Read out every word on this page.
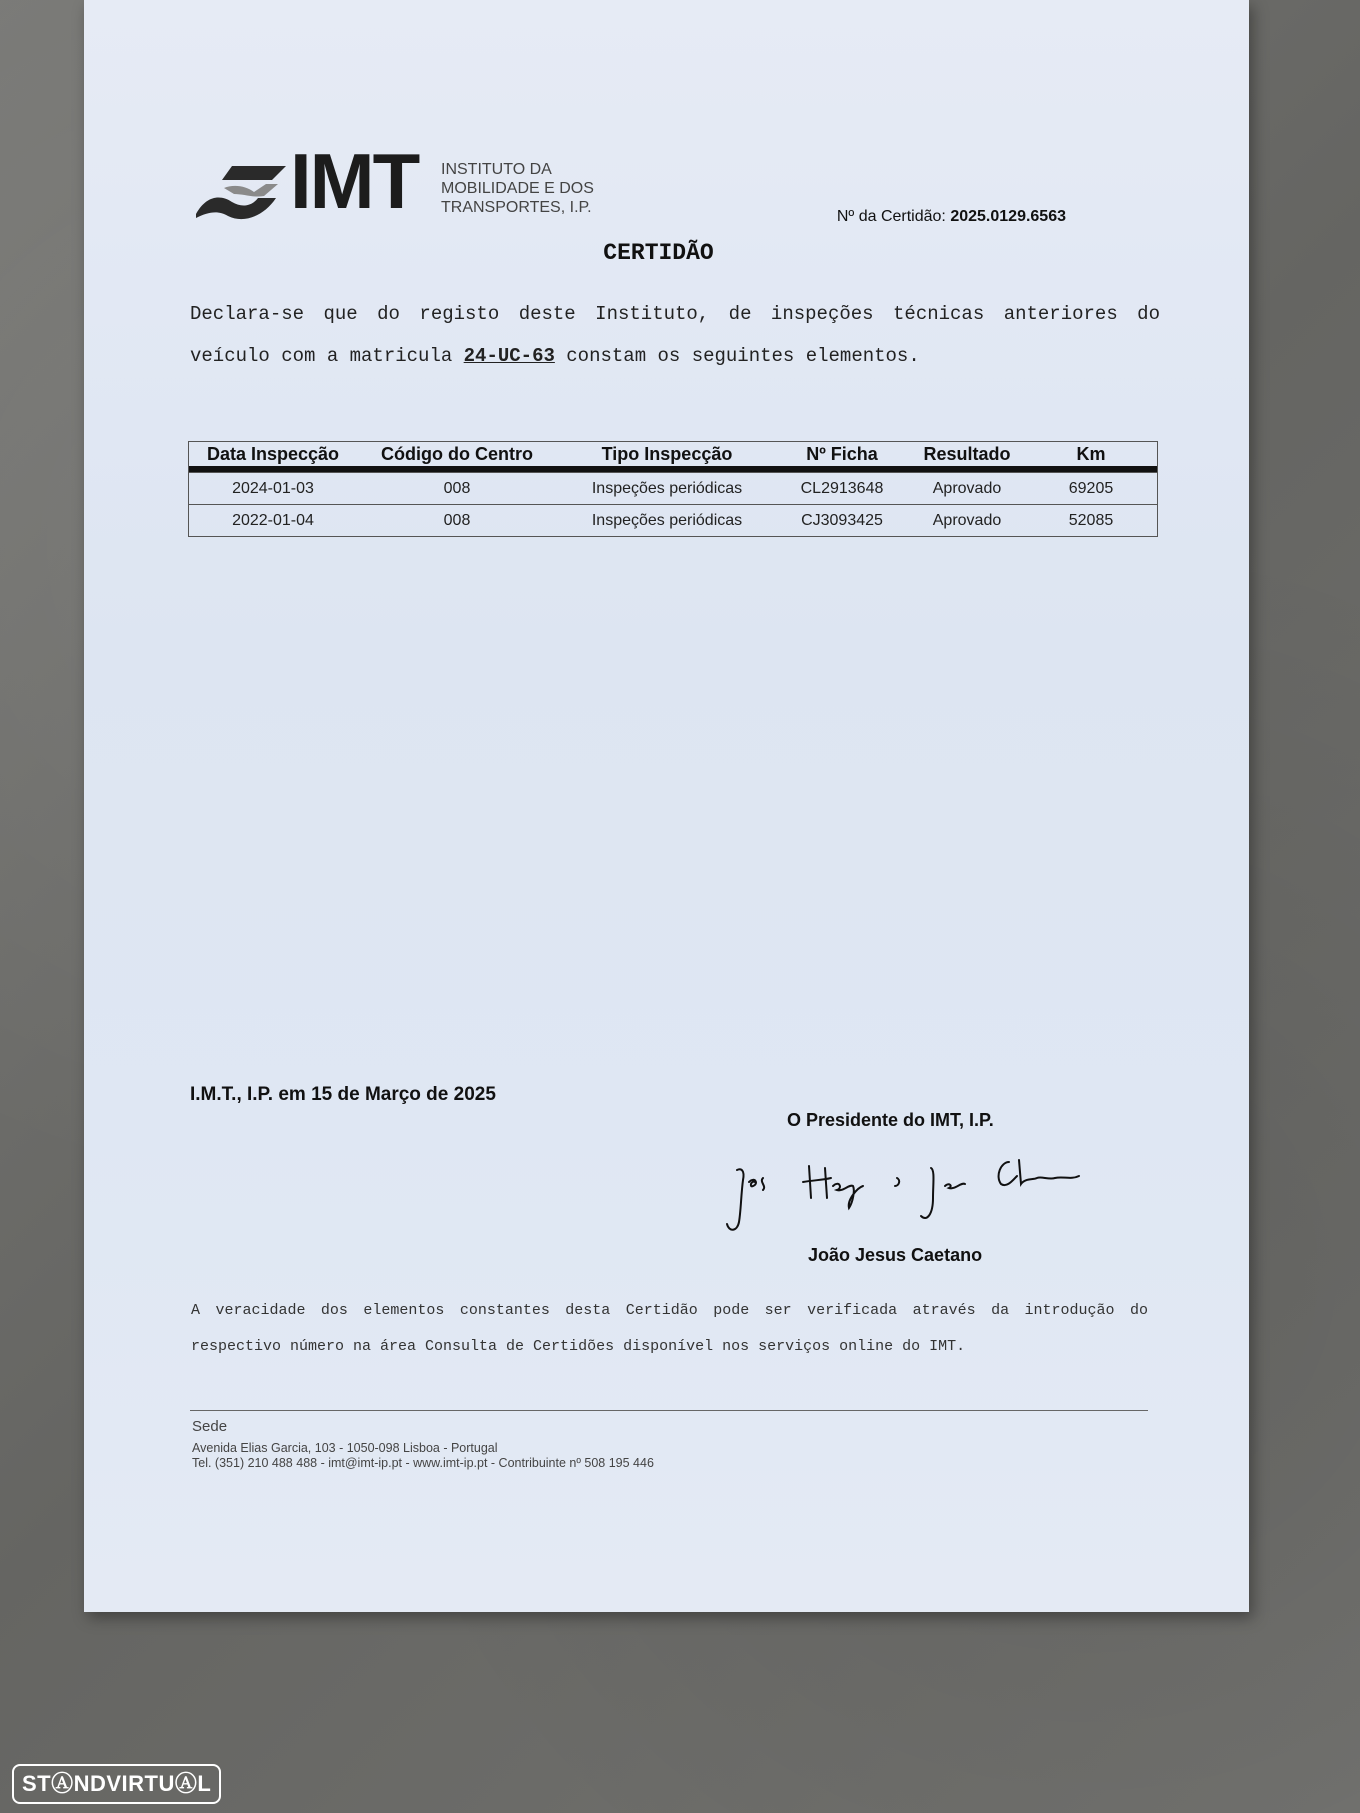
IMT INSTITUTO DA
MOBILIDADE E DOS
TRANSPORTES, I.P.
Nº da Certidão: 2025.0129.6563
CERTIDÃO
Declara-se que do registo deste Instituto, de inspeções técnicas anteriores do veículo com a matricula 24-UC-63 constam os seguintes elementos.
Data Inspecção	Código do Centro	Tipo Inspecção	Nº Ficha	Resultado	Km
2024-01-03	008	Inspeções periódicas	CL2913648	Aprovado	69205
2022-01-04	008	Inspeções periódicas	CJ3093425	Aprovado	52085
I.M.T., I.P. em 15 de Março de 2025
O Presidente do IMT, I.P.
João Jesus Caetano
A veracidade dos elementos constantes desta Certidão pode ser verificada através da introdução do respectivo número na área Consulta de Certidões disponível nos serviços online do IMT.
Sede
Avenida Elias Garcia, 103 - 1050-098 Lisboa - Portugal
Tel. (351) 210 488 488 - imt@imt-ip.pt - www.imt-ip.pt - Contribuinte nº 508 195 446
STⒶNDVIRTUⒶL
